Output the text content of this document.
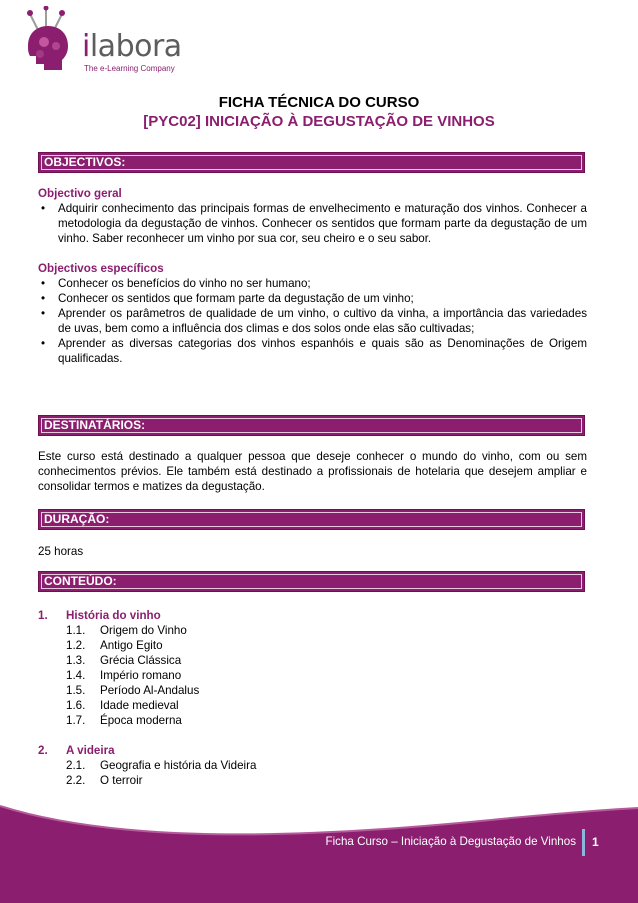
ilabora
The e-Learning Company
FICHA TÉCNICA DO CURSO
[PYC02] INICIAÇÃO À DEGUSTAÇÃO DE VINHOS
OBJECTIVOS:
Objectivo geral
• Adquirir conhecimento das principais formas de envelhecimento e maturação dos vinhos. Conhecer a metodologia da degustação de vinhos. Conhecer os sentidos que formam parte da degustação de um vinho. Saber reconhecer um vinho por sua cor, seu cheiro e o seu sabor.
Objectivos específicos
• Conhecer os benefícios do vinho no ser humano;
• Conhecer os sentidos que formam parte da degustação de um vinho;
• Aprender os parâmetros de qualidade de um vinho, o cultivo da vinha, a importância das variedades de uvas, bem como a influência dos climas e dos solos onde elas são cultivadas;
• Aprender as diversas categorias dos vinhos espanhóis e quais são as Denominações de Origem qualificadas.
DESTINATÁRIOS:
Este curso está destinado a qualquer pessoa que deseje conhecer o mundo do vinho, com ou sem conhecimentos prévios. Ele também está destinado a profissionais de hotelaria que desejem ampliar e consolidar termos e matizes da degustação.
DURAÇÃO:
25 horas
CONTEÚDO:
1. História do vinho
1.1. Origem do Vinho
1.2. Antigo Egito
1.3. Grécia Clássica
1.4. Império romano
1.5. Período Al-Andalus
1.6. Idade medieval
1.7. Época moderna
2. A videira
2.1. Geografia e história da Videira
2.2. O terroir
Ficha Curso – Iniciação à Degustação de Vinhos 1
